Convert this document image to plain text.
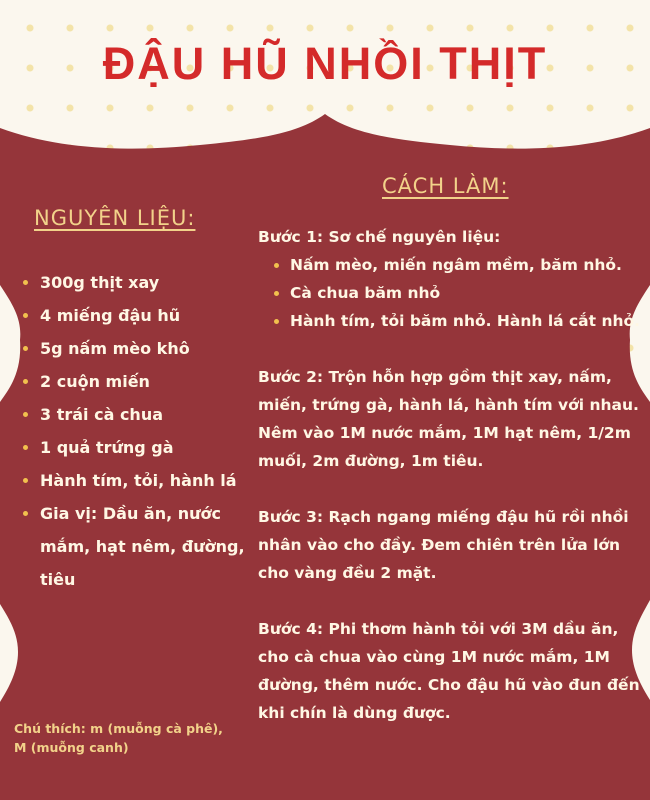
ĐẬU HŨ NHỒI THỊT
NGUYÊN LIỆU:
• 300g thịt xay
• 4 miếng đậu hũ
• 5g nấm mèo khô
• 2 cuộn miến
• 3 trái cà chua
• 1 quả trứng gà
• Hành tím, tỏi, hành lá
• Gia vị: Dầu ăn, nước mắm, hạt nêm, đường, tiêu

Chú thích: m (muỗng cà phê), M (muỗng canh)

CÁCH LÀM:

Bước 1: Sơ chế nguyên liệu:

• Nấm mèo, miến ngâm mềm, băm nhỏ.
• Cà chua băm nhỏ
• Hành tím, tỏi băm nhỏ. Hành lá cắt nhỏ.

Bước 2: Trộn hỗn hợp gồm thịt xay, nấm, miến, trứng gà, hành lá, hành tím với nhau. Nêm vào 1M nước mắm, 1M hạt nêm, 1/2m muối, 2m đường, 1m tiêu.

Bước 3: Rạch ngang miếng đậu hũ rồi nhồi nhân vào cho đầy. Đem chiên trên lửa lớn cho vàng đều 2 mặt.

Bước 4: Phi thơm hành tỏi với 3M dầu ăn, cho cà chua vào cùng 1M nước mắm, 1M đường, thêm nước. Cho đậu hũ vào đun đến khi chín là dùng được.
